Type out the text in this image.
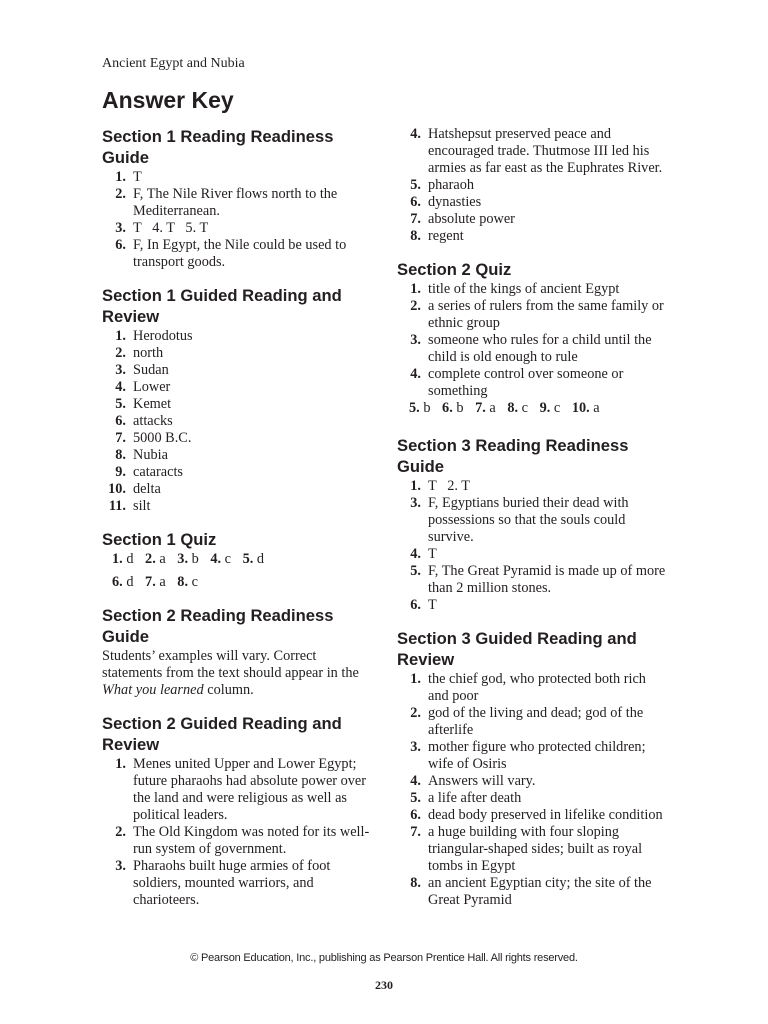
Ancient Egypt and Nubia
Answer Key
Section 1 Reading Readiness Guide
1. T
2. F, The Nile River flows north to the Mediterranean.
3. T   4. T   5. T
6. F, In Egypt, the Nile could be used to transport goods.
Section 1 Guided Reading and Review
1. Herodotus
2. north
3. Sudan
4. Lower
5. Kemet
6. attacks
7. 5000 B.C.
8. Nubia
9. cataracts
10. delta
11. silt
Section 1 Quiz
1. d 2. a 3. b 4. c 5. d
6. d 7. a 8. c
Section 2 Reading Readiness Guide

Students’ examples will vary. Correct statements from the text should appear in the What you learned column.

Section 2 Guided Reading and Review
1. Menes united Upper and Lower Egypt; future pharaohs had absolute power over the land and were religious as well as political leaders.
2. The Old Kingdom was noted for its well-run system of government.
3. Pharaohs built huge armies of foot soldiers, mounted warriors, and charioteers.
4. Hatshepsut preserved peace and encouraged trade. Thutmose III led his armies as far east as the Euphrates River.
5. pharaoh
6. dynasties
7. absolute power
8. regent
Section 2 Quiz
1. title of the kings of ancient Egypt
2. a series of rulers from the same family or ethnic group
3. someone who rules for a child until the child is old enough to rule
4. complete control over someone or something
5. b 6. b 7. a 8. c 9. c 10. a
Section 3 Reading Readiness Guide
1. T   2. T
3. F, Egyptians buried their dead with possessions so that the souls could survive.
4. T
5. F, The Great Pyramid is made up of more than 2 million stones.
6. T
Section 3 Guided Reading and Review
1. the chief god, who protected both rich and poor
2. god of the living and dead; god of the afterlife
3. mother figure who protected children; wife of Osiris
4. Answers will vary.
5. a life after death
6. dead body preserved in lifelike condition
7. a huge building with four sloping triangular-shaped sides; built as royal tombs in Egypt
8. an ancient Egyptian city; the site of the Great Pyramid
© Pearson Education, Inc., publishing as Pearson Prentice Hall. All rights reserved.
230
